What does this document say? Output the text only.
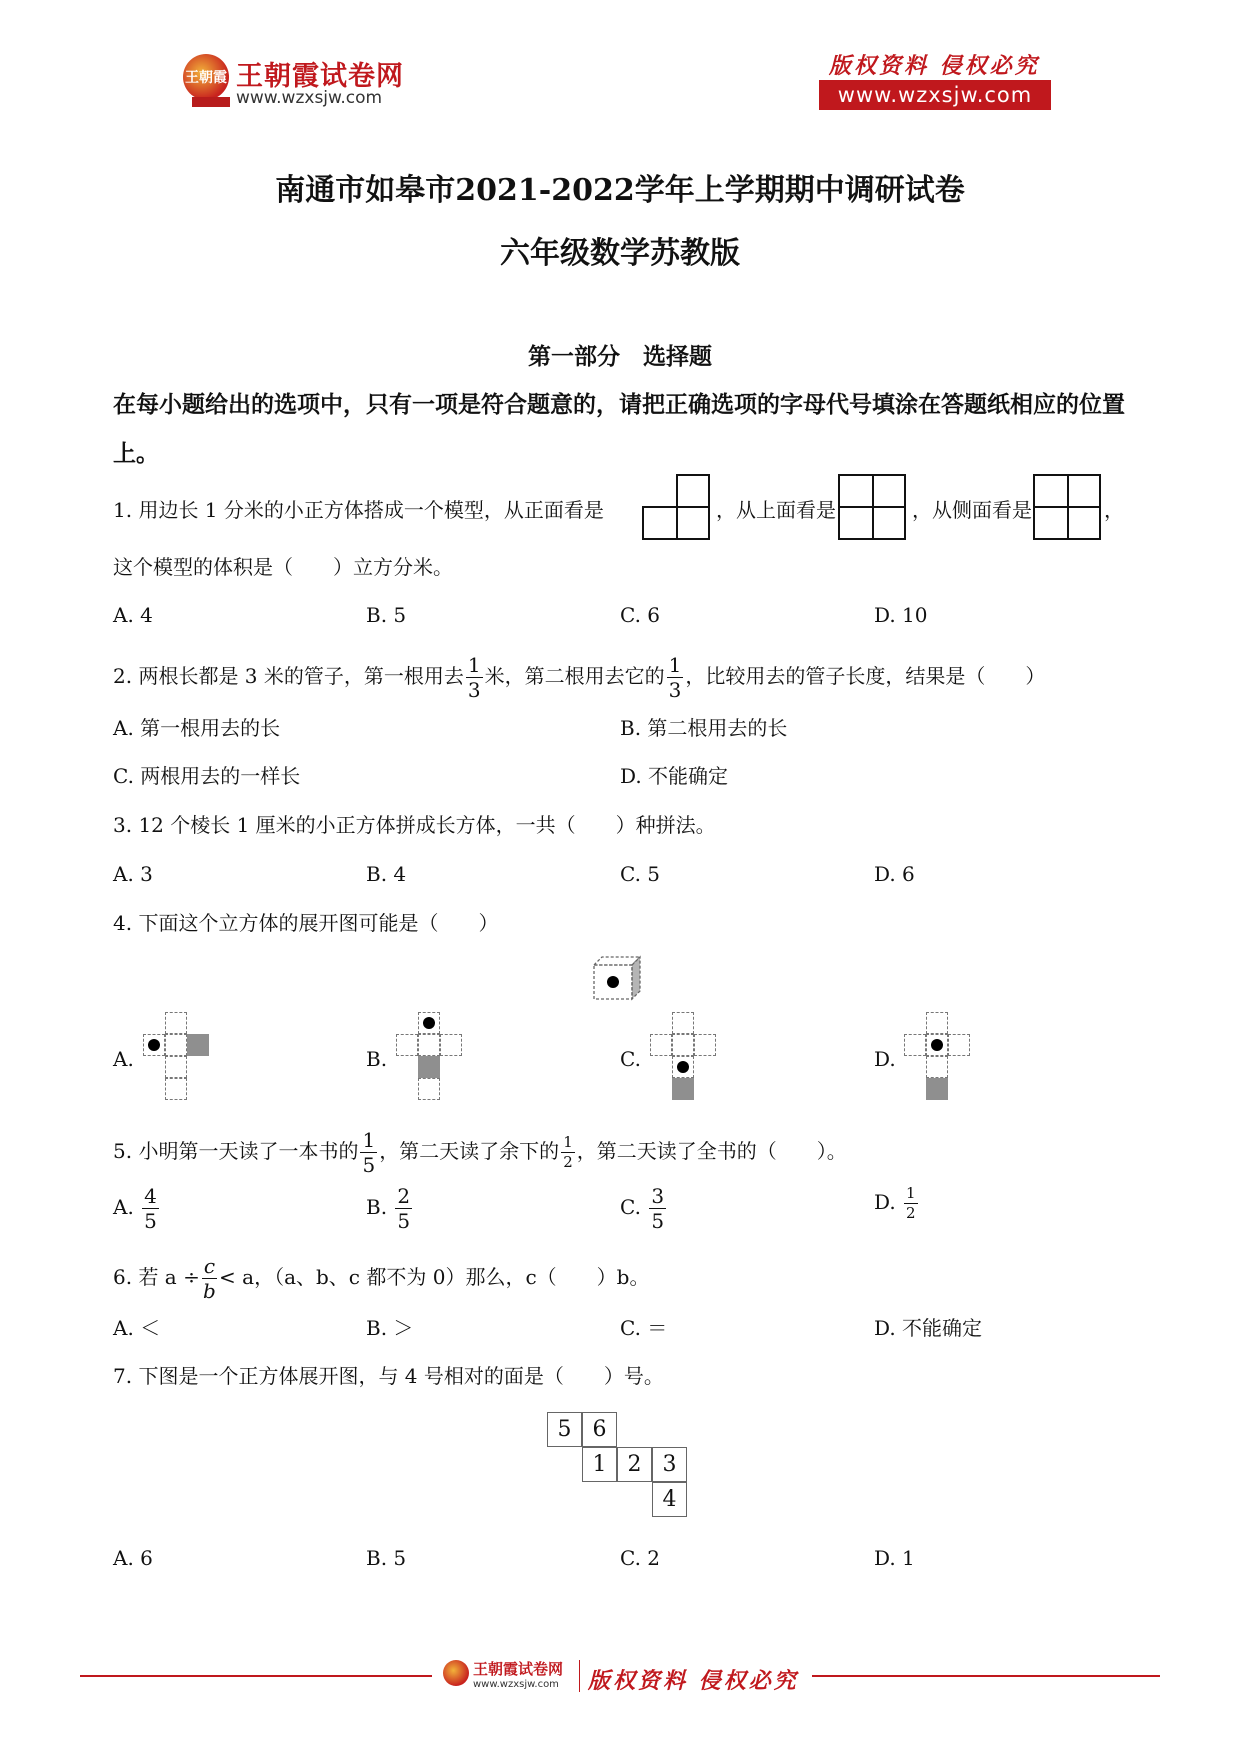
王朝霞 王朝霞试卷网
www.wzxsjw.com
版权资料 侵权必究
www.wzxsjw.com
南通市如皋市2021-2022学年上学期期中调研试卷
六年级数学苏教版
第一部分　选择题
在每小题给出的选项中，只有一项是符合题意的，请把正确选项的字母代号填涂在答题纸相应的位置上。
1. 用边长 1 分米的小正方体搭成一个模型，从正面看是	，从上面看是	，从侧面看是	，
这个模型的体积是（　　）立方分米。
A. 4	B. 5	C. 6	D. 10
2. 两根长都是 3 米的管子，第一根用去 $\frac{1}{3}$ 米，第二根用去它的 $\frac{1}{3}$ ，比较用去的管子长度，结果是（　　）
A. 第一根用去的长	B. 第二根用去的长
C. 两根用去的一样长	D. 不能确定
3. 12 个棱长 1 厘米的小正方体拼成长方体，一共（　　）种拼法。
A. 3	B. 4	C. 5	D. 6
4. 下面这个立方体的展开图可能是（　　）
A.	B.	C.	D.
5. 小明第一天读了一本书的 $\frac{1}{5}$ ，第二天读了余下的 $\frac{1}{2}$ ，第二天读了全书的（　　）。
A. $\frac{4}{5}$	B. $\frac{2}{5}$	C. $\frac{3}{5}$	D. $\frac{1}{2}$
6. 若 $a \div \frac{c}{b} < a$，（a、b、c 都不为 0）那么，c（　　）b。
A. ＜	B. ＞	C. ＝	D. 不能确定
7. 下图是一个正方体展开图，与 4 号相对的面是（　　）号。
5 6
1 2 3
4
A. 6	B. 5	C. 2	D. 1
王朝霞试卷网
www.wzxsjw.com 版权资料 侵权必究
